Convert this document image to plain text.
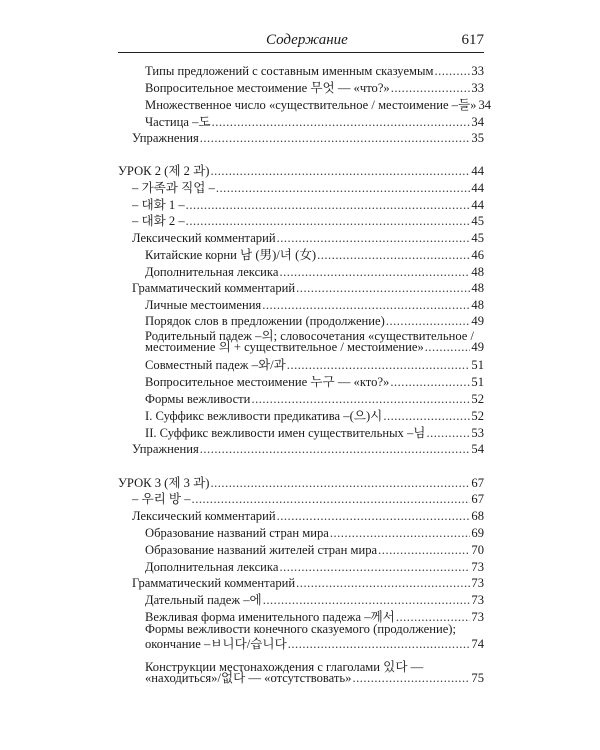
Содержание	617
Типы предложений с составным именным сказуемым .....	33
Вопросительное местоимение 무엇 — «что?» .....	33
Множественное число «существительное / местоимение –들» 34
Частица –도 .....	34
Упражнения .....	35
УРОК 2 (제 2 과) .....	44
– 가족과 직업 – .....	44
– 대화 1 – .....	44
– 대화 2 – .....	45
Лексический комментарий .....	45
Китайские корни 남 (男)/녀 (女) .....	46
Дополнительная лексика .....	48
Грамматический комментарий .....	48
Личные местоимения .....	48
Порядок слов в предложении (продолжение) .....	49
Родительный падеж –의; словосочетания «существительное /
местоимение 의 + существительное / местоимение» .....	49
Совместный падеж –와/과 .....	51
Вопросительное местоимение 누구 — «кто?» .....	51
Формы вежливости .....	52
I. Суффикс вежливости предикатива –(으)시 .....	52
II. Суффикс вежливости имен существительных –님 .....	53
Упражнения .....	54
УРОК 3 (제 3 과) .....	67
– 우리 방 – .....	67
Лексический комментарий .....	68
Образование названий стран мира .....	69
Образование названий жителей стран мира .....	70
Дополнительная лексика .....	73
Грамматический комментарий .....	73
Дательный падеж –에 .....	73
Вежливая форма именительного падежа –께서 .....	73
Формы вежливости конечного сказуемого (продолжение);
окончание –ㅂ니다/습니다 .....	74
Конструкции местонахождения с глаголами 있다 —
«находиться»/없다 — «отсутствовать» .....	75
